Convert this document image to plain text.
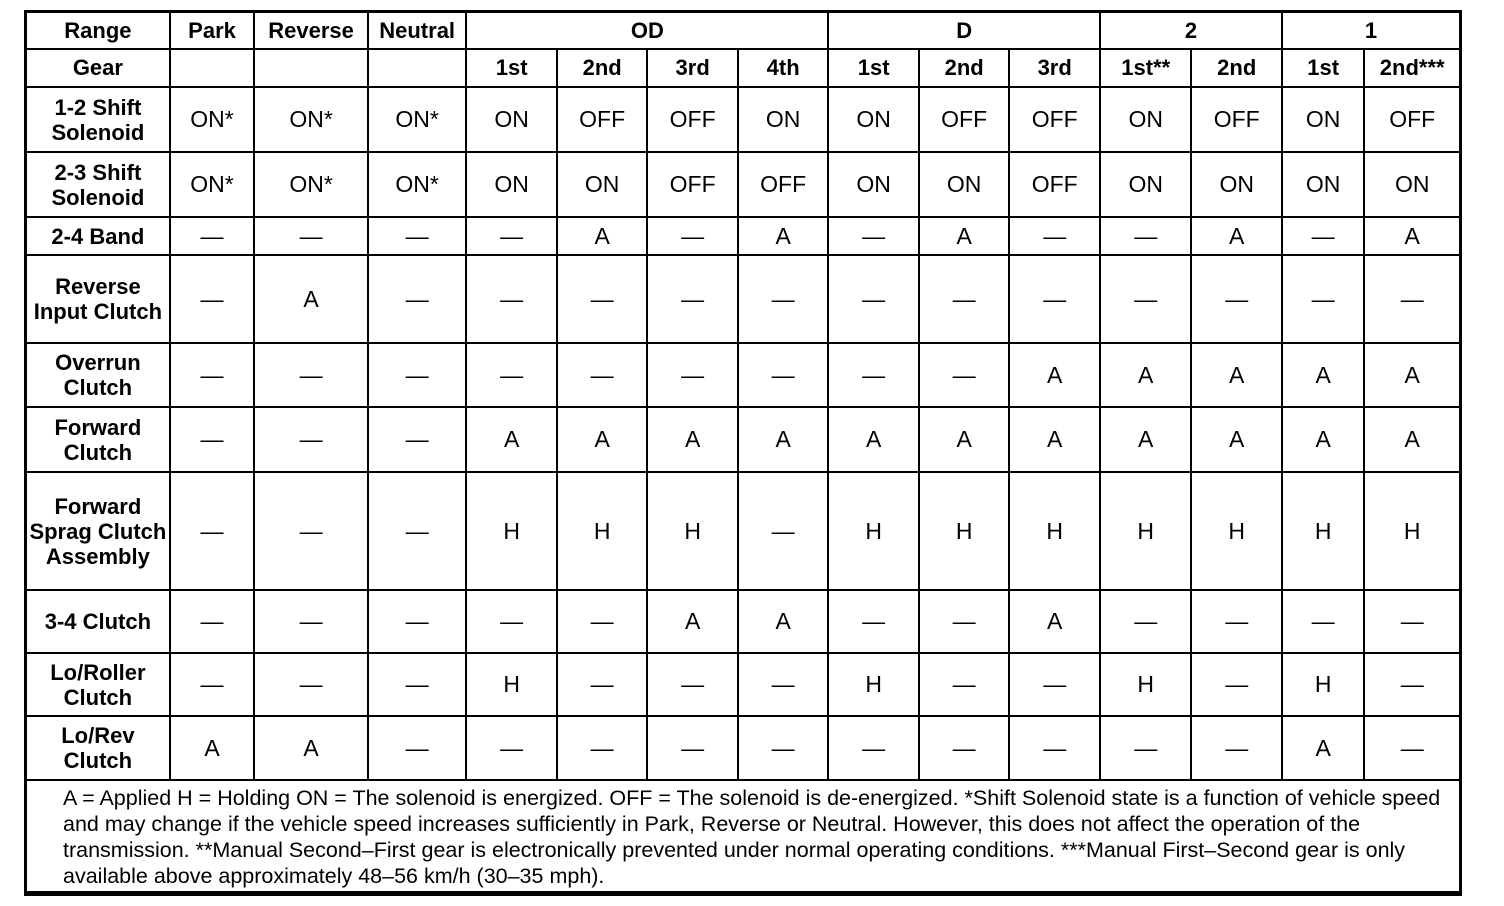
Range	Park	Reverse	Neutral	OD				D			2		1	
Gear				1st	2nd	3rd	4th	1st	2nd	3rd	1st**	2nd	1st	2nd***
1-2 Shift Solenoid	ON*	ON*	ON*	ON	OFF	OFF	ON	ON	OFF	OFF	ON	OFF	ON	OFF
2-3 Shift Solenoid	ON*	ON*	ON*	ON	ON	OFF	OFF	ON	ON	OFF	ON	ON	ON	ON
2-4 Band	—	—	—	—	A	—	A	—	A	—	—	A	—	A
Reverse Input Clutch	—	A	—	—	—	—	—	—	—	—	—	—	—	—
Overrun Clutch	—	—	—	—	—	—	—	—	—	A	A	A	A	A
Forward Clutch	—	—	—	A	A	A	A	A	A	A	A	A	A	A
Forward Sprag Clutch Assembly	—	—	—	H	H	H	—	H	H	H	H	H	H	H
3-4 Clutch	—	—	—	—	—	A	A	—	—	A	—	—	—	—
Lo/Roller Clutch	—	—	—	H	—	—	—	H	—	—	H	—	H	—
Lo/Rev Clutch	A	A	—	—	—	—	—	—	—	—	—	—	A	—

A = Applied H = Holding ON = The solenoid is energized. OFF = The solenoid is de-energized. *Shift Solenoid state is a function of vehicle speed and may change if the vehicle speed increases sufficiently in Park, Reverse or Neutral. However, this does not affect the operation of the transmission. **Manual Second–First gear is electronically prevented under normal operating conditions. ***Manual First–Second gear is only available above approximately 48–56 km/h (30–35 mph).														
